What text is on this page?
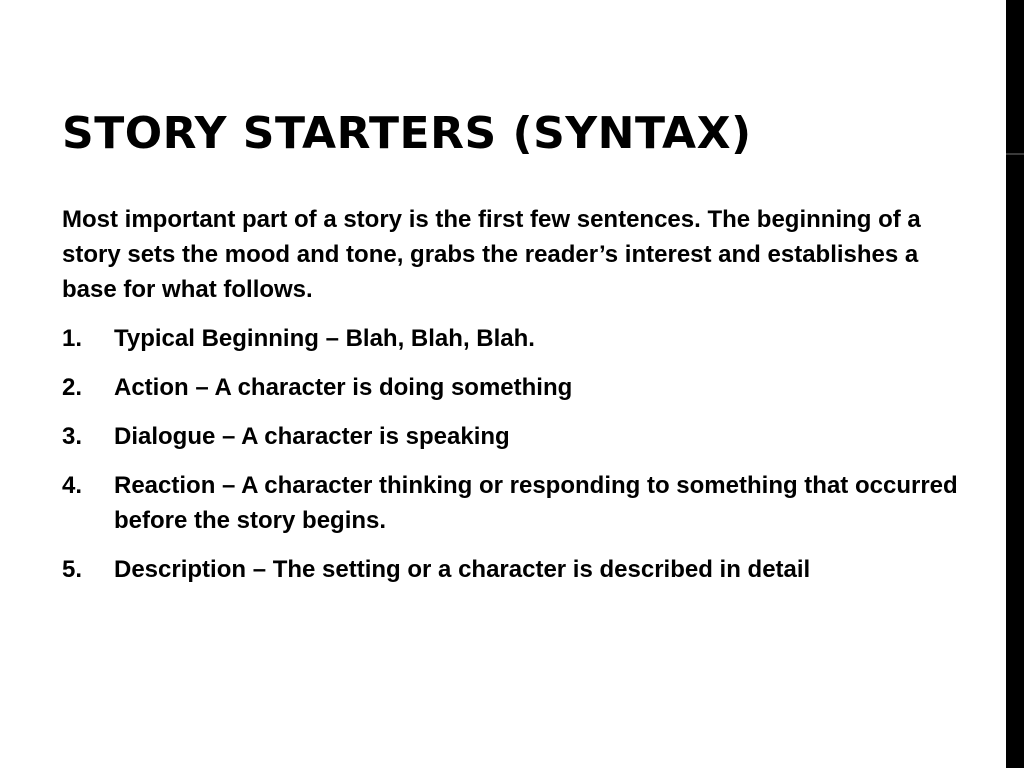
STORY STARTERS (SYNTAX)

Most important part of a story is the first few sentences. The beginning of a story sets the mood and tone, grabs the reader’s interest and establishes a base for what follows.

1.	Typical Beginning – Blah, Blah, Blah.
2.	Action – A character is doing something
3.	Dialogue – A character is speaking
4.	Reaction – A character thinking or responding to something that occurred before the story begins.
5.	Description – The setting or a character is described in detail
